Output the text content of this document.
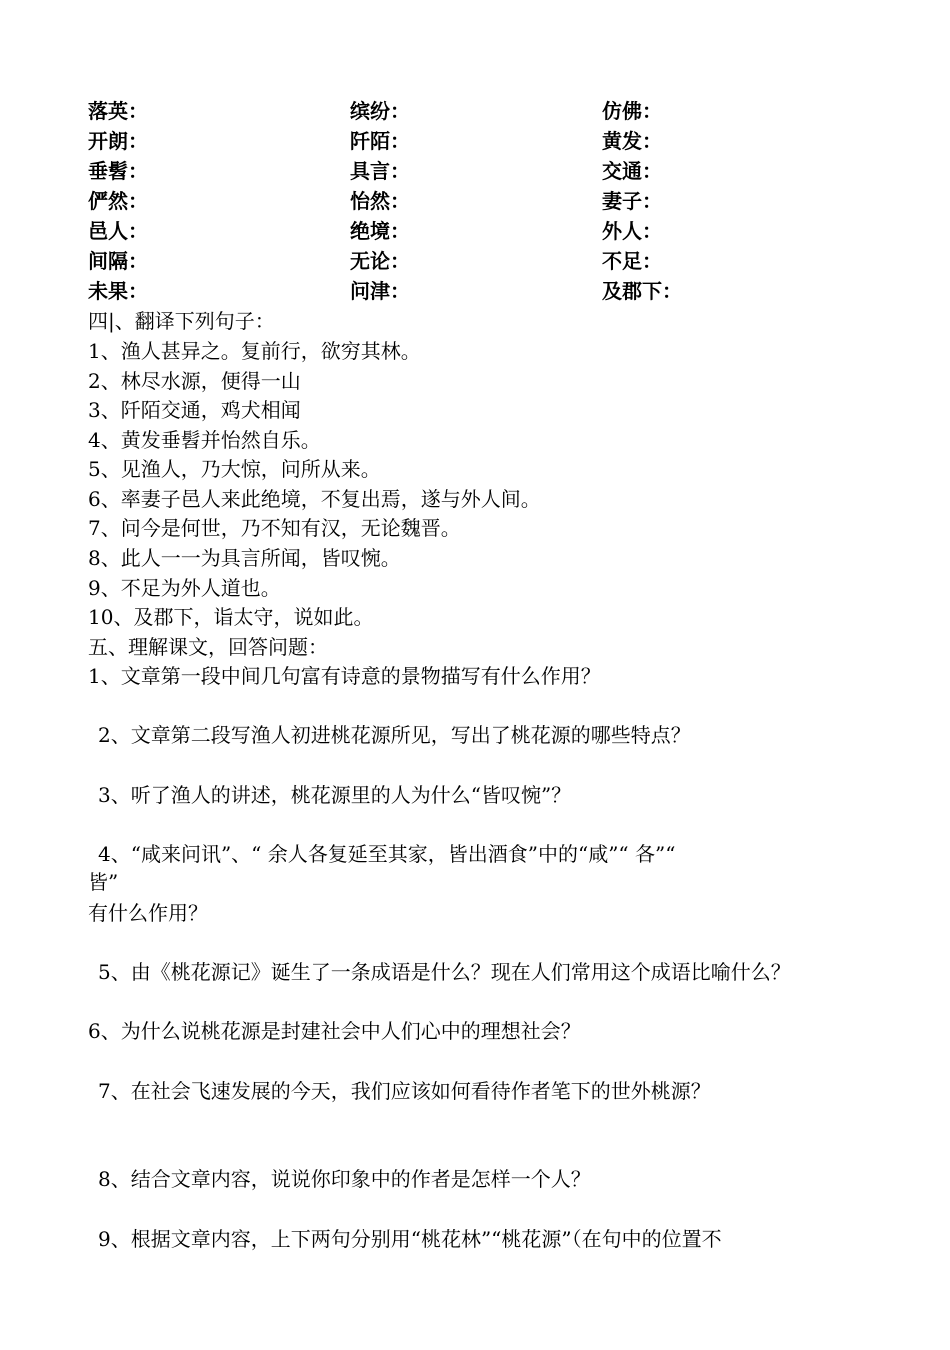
落英：	缤纷：	仿佛：
开朗：	阡陌：	黄发：
垂髫：	具言：	交通：
俨然：	怡然：	妻子：
邑人：	绝境：	外人：
间隔：	无论：	不足：
未果：	问津：	及郡下：
四|、翻译下列句子：
1、渔人甚异之。复前行，欲穷其林。
2、林尽水源，便得一山
3、阡陌交通，鸡犬相闻
4、黄发垂髫并怡然自乐。
5、见渔人，乃大惊，问所从来。
6、率妻子邑人来此绝境，不复出焉，遂与外人间。
7、问今是何世，乃不知有汉，无论魏晋。
8、此人一一为具言所闻，皆叹惋。
9、不足为外人道也。
10、及郡下，诣太守，说如此。
五、理解课文，回答问题：
1、文章第一段中间几句富有诗意的景物描写有什么作用？
2、文章第二段写渔人初进桃花源所见，写出了桃花源的哪些特点？
3、听了渔人的讲述，桃花源里的人为什么“皆叹惋”？
4、“咸来问讯”、“ 余人各复延至其家，皆出酒食”中的“咸”“ 各”“
皆”
有什么作用？
5、由《桃花源记》诞生了一条成语是什么？现在人们常用这个成语比喻什么？
6、为什么说桃花源是封建社会中人们心中的理想社会？
7、在社会飞速发展的今天，我们应该如何看待作者笔下的世外桃源？
8、结合文章内容，说说你印象中的作者是怎样一个人？
9、根据文章内容，上下两句分别用“桃花林”“桃花源”（在句中的位置不
